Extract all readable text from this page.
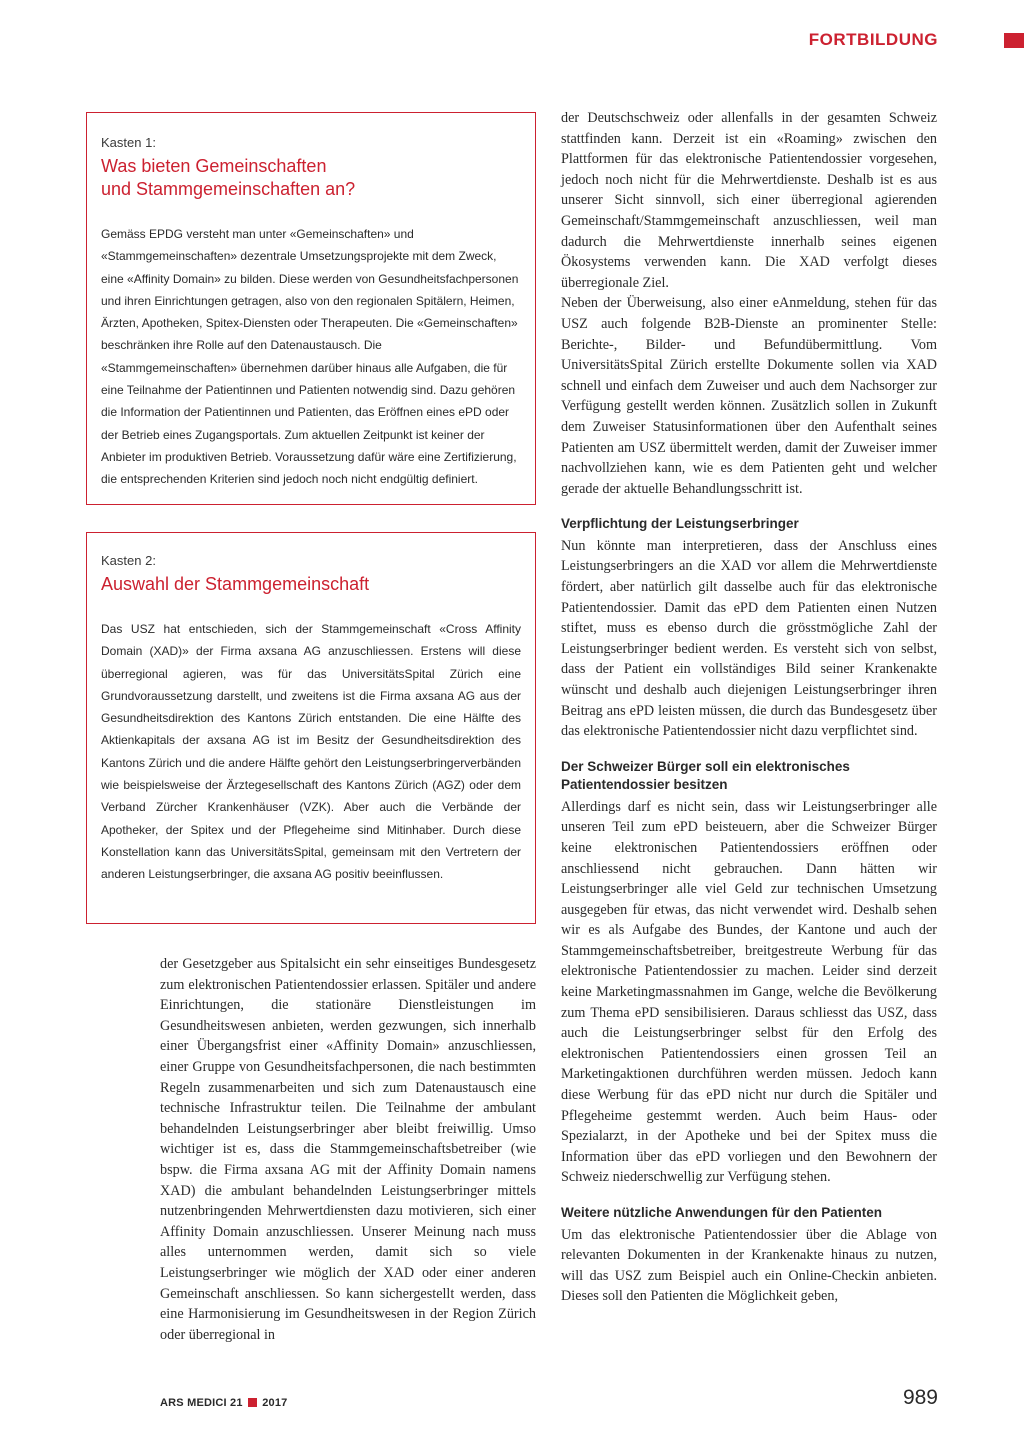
FORTBILDUNG
Kasten 1:
Was bieten Gemeinschaften
und Stammgemeinschaften an?
Gemäss EPDG versteht man unter «Gemeinschaften» und «Stammgemeinschaften» dezentrale Umsetzungsprojekte mit dem Zweck, eine «Affinity Domain» zu bilden. Diese werden von Gesundheitsfachpersonen und ihren Einrichtungen getragen, also von den regionalen Spitälern, Heimen, Ärzten, Apotheken, Spitex-Diensten oder Therapeuten. Die «Gemeinschaften» beschränken ihre Rolle auf den Datenaustausch. Die «Stammgemeinschaften» übernehmen darüber hinaus alle Aufgaben, die für eine Teilnahme der Patientinnen und Patienten notwendig sind. Dazu gehören die Information der Patientinnen und Patienten, das Eröffnen eines ePD oder der Betrieb eines Zugangsportals. Zum aktuellen Zeitpunkt ist keiner der Anbieter im produktiven Betrieb. Voraussetzung dafür wäre eine Zertifizierung, die entsprechenden Kriterien sind jedoch noch nicht endgültig definiert.
Kasten 2:
Auswahl der Stammgemeinschaft
Das USZ hat entschieden, sich der Stammgemeinschaft «Cross Affinity Domain (XAD)» der Firma axsana AG anzuschliessen. Erstens will diese überregional agieren, was für das UniversitätsSpital Zürich eine Grundvoraussetzung darstellt, und zweitens ist die Firma axsana AG aus der Gesundheitsdirektion des Kantons Zürich entstanden. Die eine Hälfte des Aktienkapitals der axsana AG ist im Besitz der Gesundheitsdirektion des Kantons Zürich und die andere Hälfte gehört den Leistungserbringerverbänden wie beispielsweise der Ärztegesellschaft des Kantons Zürich (AGZ) oder dem Verband Zürcher Krankenhäuser (VZK). Aber auch die Verbände der Apotheker, der Spitex und der Pflegeheime sind Mitinhaber. Durch diese Konstellation kann das UniversitätsSpital, gemeinsam mit den Vertretern der anderen Leistungserbringer, die axsana AG positiv beeinflussen.

der Gesetzgeber aus Spitalsicht ein sehr einseitiges Bundesgesetz zum elektronischen Patientendossier erlassen. Spitäler und andere Einrichtungen, die stationäre Dienstleistungen im Gesundheitswesen anbieten, werden gezwungen, sich innerhalb einer Übergangsfrist einer «Affinity Domain» anzuschliessen, einer Gruppe von Gesundheitsfachpersonen, die nach bestimmten Regeln zusammenarbeiten und sich zum Datenaustausch eine technische Infrastruktur teilen. Die Teilnahme der ambulant behandelnden Leistungserbringer aber bleibt freiwillig. Umso wichtiger ist es, dass die Stammgemeinschaftsbetreiber (wie bspw. die Firma axsana AG mit der Affinity Domain namens XAD) die ambulant behandelnden Leistungserbringer mittels nutzenbringenden Mehrwertdiensten dazu motivieren, sich einer Affinity Domain anzuschliessen. Unserer Meinung nach muss alles unternommen werden, damit sich so viele Leistungserbringer wie möglich der XAD oder einer anderen Gemeinschaft anschliessen. So kann sichergestellt werden, dass eine Harmonisierung im Gesundheitswesen in der Region Zürich oder überregional in

der Deutschschweiz oder allenfalls in der gesamten Schweiz stattfinden kann. Derzeit ist ein «Roaming» zwischen den Plattformen für das elektronische Patientendossier vorgesehen, jedoch noch nicht für die Mehrwertdienste. Deshalb ist es aus unserer Sicht sinnvoll, sich einer überregional agierenden Gemeinschaft/Stammgemeinschaft anzuschliessen, weil man dadurch die Mehrwertdienste innerhalb seines eigenen Ökosystems verwenden kann. Die XAD verfolgt dieses überregionale Ziel.

Neben der Überweisung, also einer eAnmeldung, stehen für das USZ auch folgende B2B-Dienste an prominenter Stelle: Berichte-, Bilder- und Befundübermittlung. Vom UniversitätsSpital Zürich erstellte Dokumente sollen via XAD schnell und einfach dem Zuweiser und auch dem Nachsorger zur Verfügung gestellt werden können. Zusätzlich sollen in Zukunft dem Zuweiser Statusinformationen über den Aufenthalt seines Patienten am USZ übermittelt werden, damit der Zuweiser immer nachvollziehen kann, wie es dem Patienten geht und welcher gerade der aktuelle Behandlungsschritt ist.

Verpflichtung der Leistungserbringer

Nun könnte man interpretieren, dass der Anschluss eines Leistungserbringers an die XAD vor allem die Mehrwertdienste fördert, aber natürlich gilt dasselbe auch für das elektronische Patientendossier. Damit das ePD dem Patienten einen Nutzen stiftet, muss es ebenso durch die grösstmögliche Zahl der Leistungserbringer bedient werden. Es versteht sich von selbst, dass der Patient ein vollständiges Bild seiner Krankenakte wünscht und deshalb auch diejenigen Leistungserbringer ihren Beitrag ans ePD leisten müssen, die durch das Bundesgesetz über das elektronische Patientendossier nicht dazu verpflichtet sind.

Der Schweizer Bürger soll ein elektronisches
Patientendossier besitzen

Allerdings darf es nicht sein, dass wir Leistungserbringer alle unseren Teil zum ePD beisteuern, aber die Schweizer Bürger keine elektronischen Patientendossiers eröffnen oder anschliessend nicht gebrauchen. Dann hätten wir Leistungserbringer alle viel Geld zur technischen Umsetzung ausgegeben für etwas, das nicht verwendet wird. Deshalb sehen wir es als Aufgabe des Bundes, der Kantone und auch der Stammgemeinschaftsbetreiber, breitgestreute Werbung für das elektronische Patientendossier zu machen. Leider sind derzeit keine Marketingmassnahmen im Gange, welche die Bevölkerung zum Thema ePD sensibilisieren. Daraus schliesst das USZ, dass auch die Leistungserbringer selbst für den Erfolg des elektronischen Patientendossiers einen grossen Teil an Marketingaktionen durchführen werden müssen. Jedoch kann diese Werbung für das ePD nicht nur durch die Spitäler und Pflegeheime gestemmt werden. Auch beim Haus- oder Spezialarzt, in der Apotheke und bei der Spitex muss die Information über das ePD vorliegen und den Bewohnern der Schweiz niederschwellig zur Verfügung stehen.

Weitere nützliche Anwendungen für den Patienten

Um das elektronische Patientendossier über die Ablage von relevanten Dokumenten in der Krankenakte hinaus zu nutzen, will das USZ zum Beispiel auch ein Online-Checkin anbieten. Dieses soll den Patienten die Möglichkeit geben,

ARS MEDICI 21 2017	989
